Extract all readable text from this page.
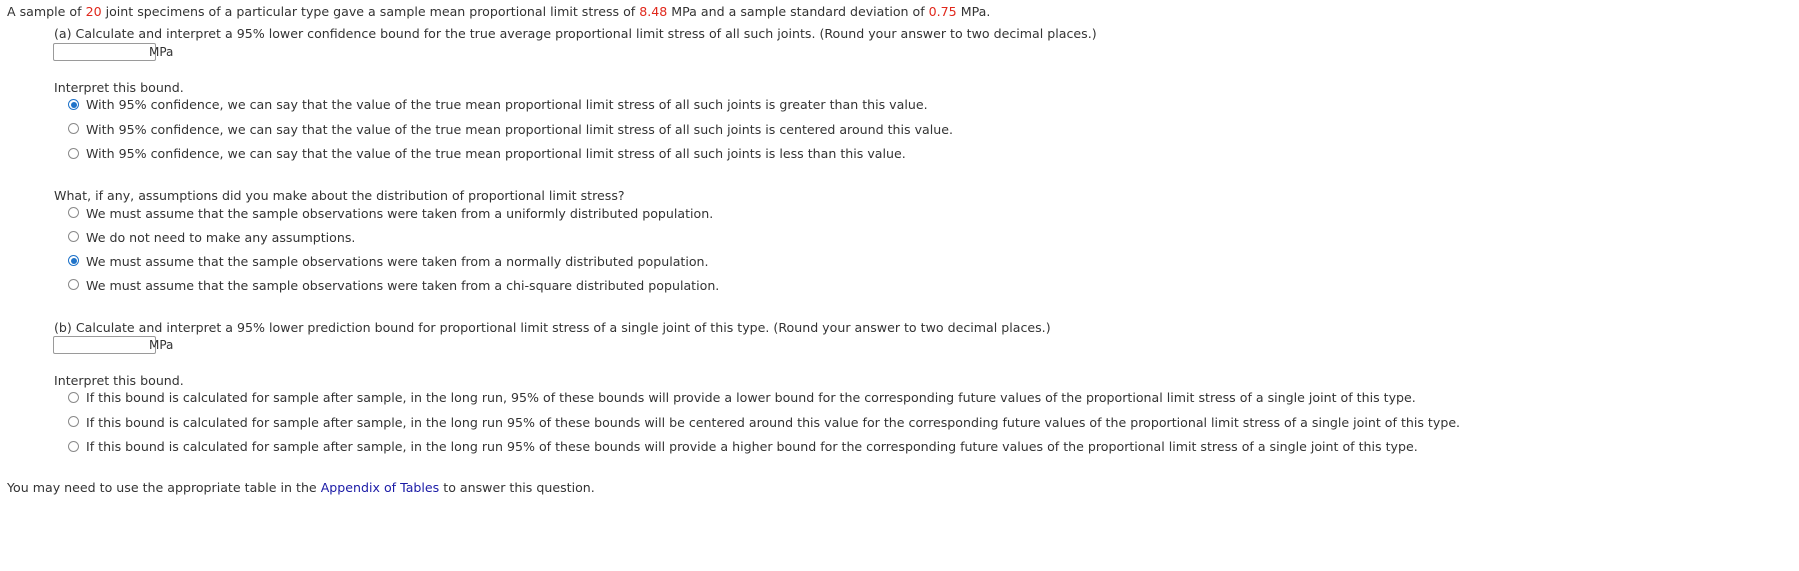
A sample of 20 joint specimens of a particular type gave a sample mean proportional limit stress of 8.48 MPa and a sample standard deviation of 0.75 MPa.
(a) Calculate and interpret a 95% lower confidence bound for the true average proportional limit stress of all such joints. (Round your answer to two decimal places.)
MPa
Interpret this bound.
With 95% confidence, we can say that the value of the true mean proportional limit stress of all such joints is greater than this value.
With 95% confidence, we can say that the value of the true mean proportional limit stress of all such joints is centered around this value.
With 95% confidence, we can say that the value of the true mean proportional limit stress of all such joints is less than this value.
What, if any, assumptions did you make about the distribution of proportional limit stress?
We must assume that the sample observations were taken from a uniformly distributed population.
We do not need to make any assumptions.
We must assume that the sample observations were taken from a normally distributed population.
We must assume that the sample observations were taken from a chi-square distributed population.
(b) Calculate and interpret a 95% lower prediction bound for proportional limit stress of a single joint of this type. (Round your answer to two decimal places.)
MPa
Interpret this bound.
If this bound is calculated for sample after sample, in the long run, 95% of these bounds will provide a lower bound for the corresponding future values of the proportional limit stress of a single joint of this type.
If this bound is calculated for sample after sample, in the long run 95% of these bounds will be centered around this value for the corresponding future values of the proportional limit stress of a single joint of this type.
If this bound is calculated for sample after sample, in the long run 95% of these bounds will provide a higher bound for the corresponding future values of the proportional limit stress of a single joint of this type.
You may need to use the appropriate table in the Appendix of Tables to answer this question.
